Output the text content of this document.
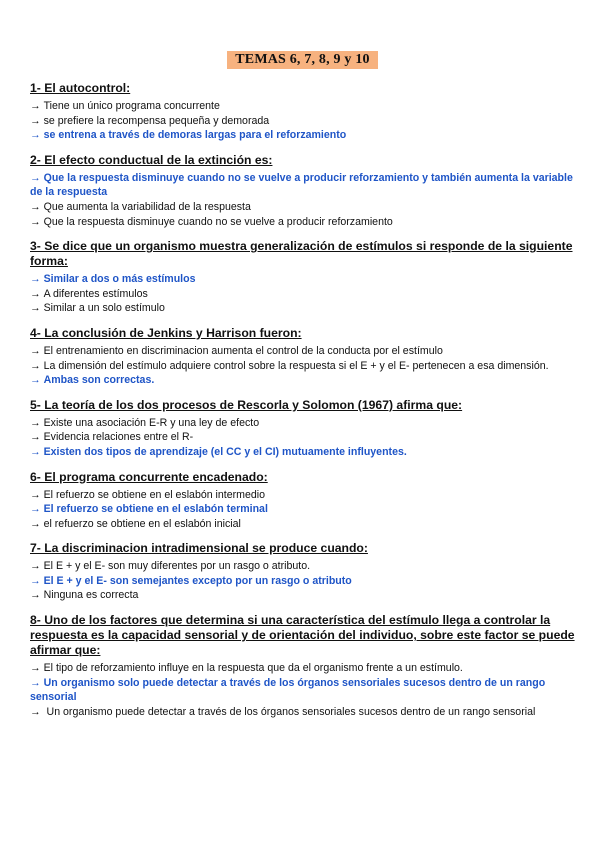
TEMAS 6, 7, 8, 9 y 10
1- El autocontrol:
→ Tiene un único programa concurrente
→ se prefiere la recompensa pequeña y demorada
→ se entrena a través de demoras largas para el reforzamiento
2- El efecto conductual de la extinción es:
→ Que la respuesta disminuye cuando no se vuelve a producir reforzamiento y también aumenta la variable de la respuesta
→ Que aumenta la variabilidad de la respuesta
→ Que la respuesta disminuye cuando no se vuelve a producir reforzamiento
3- Se dice que un organismo muestra generalización de estímulos si responde de la siguiente forma:
→ Similar a dos o más estímulos
→ A diferentes estímulos
→ Similar a un solo estímulo
4- La conclusión de Jenkins y Harrison fueron:
→ El entrenamiento en discriminacion aumenta el control de la conducta por el estímulo
→ La dimensión del estímulo adquiere control sobre la respuesta si el E + y el E- pertenecen a esa dimensión.
→ Ambas son correctas.
5- La teoría de los dos procesos de Rescorla y Solomon (1967) afirma que:
→ Existe una asociación E-R y una ley de efecto
→ Evidencia relaciones entre el R-
→ Existen dos tipos de aprendizaje (el CC y el CI) mutuamente influyentes.
6- El programa concurrente encadenado:
→ El refuerzo se obtiene en el eslabón intermedio
→ El refuerzo se obtiene en el eslabón terminal
→ el refuerzo se obtiene en el eslabón inicial
7- La discriminacion intradimensional se produce cuando:
→ El E + y el E- son muy diferentes por un rasgo o atributo.
→ El E + y el E- son semejantes excepto por un rasgo o atributo
→ Ninguna es correcta
8- Uno de los factores que determina si una característica del estímulo llega a controlar la respuesta es la capacidad sensorial y de orientación del individuo, sobre este factor se puede afirmar que:
→ El tipo de reforzamiento influye en la respuesta que da el organismo frente a un estímulo.
→ Un organismo solo puede detectar a través de los órganos sensoriales sucesos dentro de un rango sensorial
→ Un organismo puede detectar a través de los órganos sensoriales sucesos dentro de un rango sensorial
